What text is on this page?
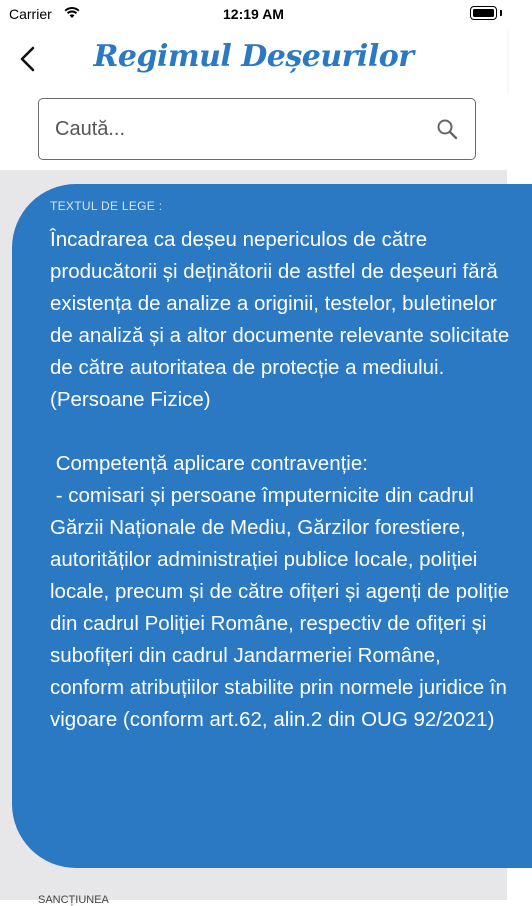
Carrier	12:19 AM
Regimul Deșeurilor
Caută...
TEXTUL DE LEGE :
Încadrarea ca deșeu nepericulos de către producătorii și deținătorii de astfel de deșeuri fără existența de analize a originii, testelor, buletinelor de analiză și a altor documente relevante solicitate de către autoritatea de protecție a mediului. (Persoane Fizice)

Competență aplicare contravenție:
- comisari și persoane împuternicite din cadrul Gărzii Naționale de Mediu, Gărzilor forestiere, autorităților administrației publice locale, poliției locale, precum și de către ofițeri și agenți de poliție din cadrul Poliției Române, respectiv de ofițeri și subofițeri din cadrul Jandarmeriei Române, conform atribuțiilor stabilite prin normele juridice în vigoare (conform art.62, alin.2 din OUG 92/2021)
SANCȚIUNEA
